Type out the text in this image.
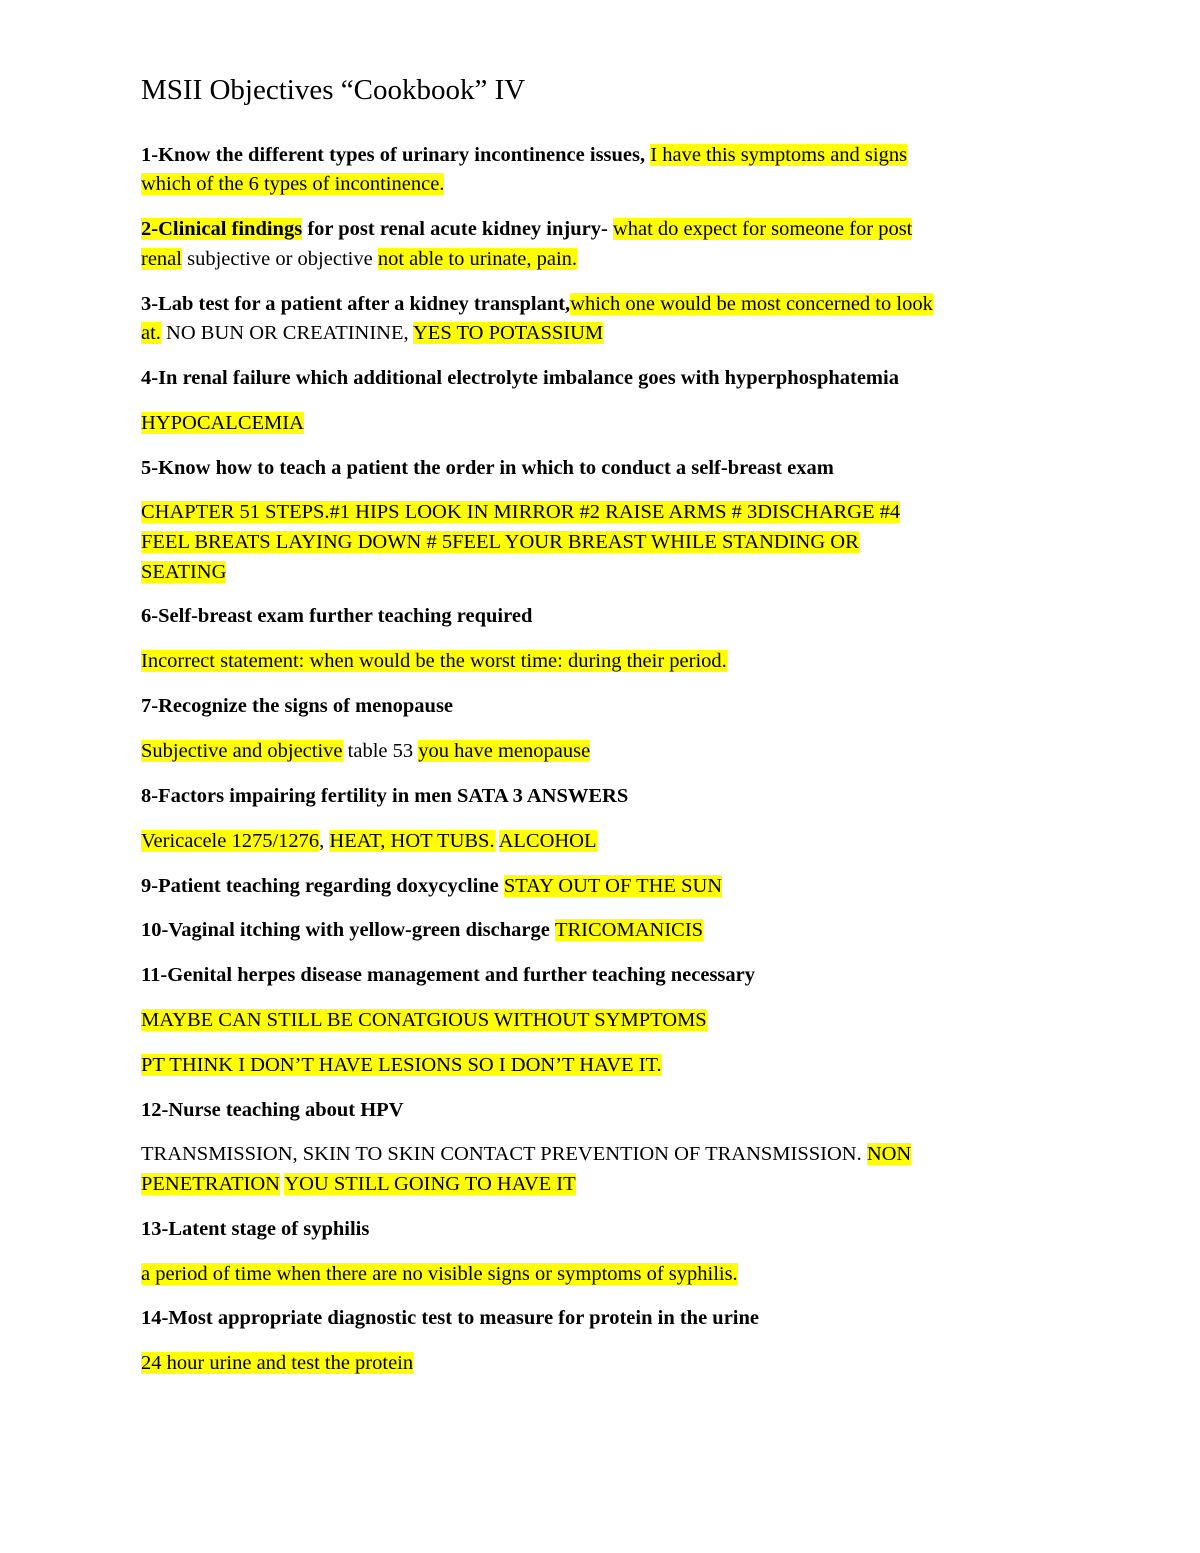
MSII Objectives “Cookbook” IV
1-Know the different types of urinary incontinence issues, I have this symptoms and signs
which of the 6 types of incontinence.
2-Clinical findings for post renal acute kidney injury- what do expect for someone for post
renal subjective or objective not able to urinate, pain.
3-Lab test for a patient after a kidney transplant,which one would be most concerned to look
at. NO BUN OR CREATININE, YES TO POTASSIUM
4-In renal failure which additional electrolyte imbalance goes with hyperphosphatemia
HYPOCALCEMIA
5-Know how to teach a patient the order in which to conduct a self-breast exam
CHAPTER 51 STEPS.#1 HIPS LOOK IN MIRROR #2 RAISE ARMS # 3DISCHARGE #4
FEEL BREATS LAYING DOWN # 5FEEL YOUR BREAST WHILE STANDING OR
SEATING
6-Self-breast exam further teaching required
Incorrect statement: when would be the worst time: during their period.
7-Recognize the signs of menopause
Subjective and objective table 53 you have menopause
8-Factors impairing fertility in men SATA 3 ANSWERS
Vericacele 1275/1276, HEAT, HOT TUBS. ALCOHOL
9-Patient teaching regarding doxycycline STAY OUT OF THE SUN
10-Vaginal itching with yellow-green discharge TRICOMANICIS
11-Genital herpes disease management and further teaching necessary
MAYBE CAN STILL BE CONATGIOUS WITHOUT SYMPTOMS
PT THINK I DON’T HAVE LESIONS SO I DON’T HAVE IT.
12-Nurse teaching about HPV
TRANSMISSION, SKIN TO SKIN CONTACT PREVENTION OF TRANSMISSION. NON
PENETRATION YOU STILL GOING TO HAVE IT
13-Latent stage of syphilis
a period of time when there are no visible signs or symptoms of syphilis.
14-Most appropriate diagnostic test to measure for protein in the urine
24 hour urine and test the protein
